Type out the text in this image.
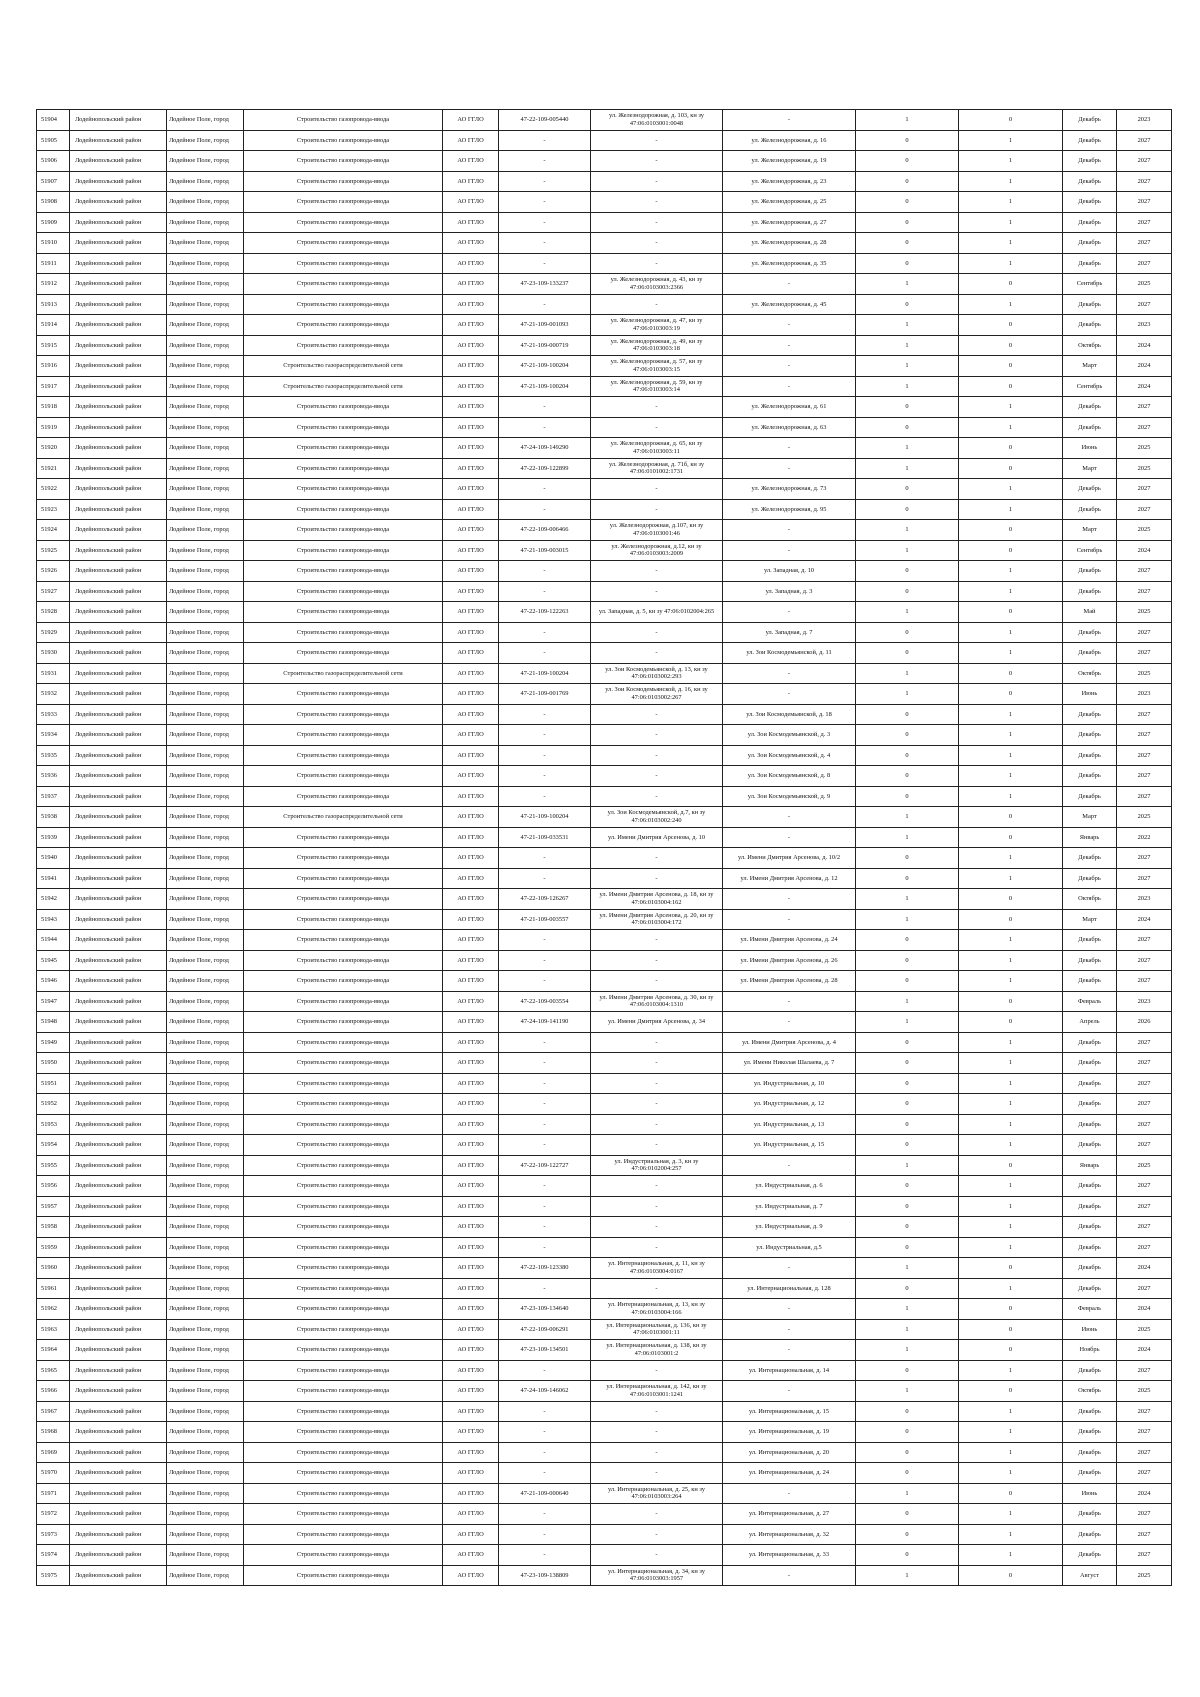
51904	Лодейнопольский район	Лодейное Поле, город	Строительство газопровода-ввода	АО ГГЛО	47-22-109-005440	ул. Железнодорожная, д. 103, кн зу 47:06:0103001:0048	-	1	0	Декабрь	2023
51905	Лодейнопольский район	Лодейное Поле, город	Строительство газопровода-ввода	АО ГГЛО	-	-	ул. Железнодорожная, д. 16	0	1	Декабрь	2027
51906	Лодейнопольский район	Лодейное Поле, город	Строительство газопровода-ввода	АО ГГЛО	-	-	ул. Железнодорожная, д. 19	0	1	Декабрь	2027
51907	Лодейнопольский район	Лодейное Поле, город	Строительство газопровода-ввода	АО ГГЛО	-	-	ул. Железнодорожная, д. 23	0	1	Декабрь	2027
51908	Лодейнопольский район	Лодейное Поле, город	Строительство газопровода-ввода	АО ГГЛО	-	-	ул. Железнодорожная, д. 25	0	1	Декабрь	2027
51909	Лодейнопольский район	Лодейное Поле, город	Строительство газопровода-ввода	АО ГГЛО	-	-	ул. Железнодорожная, д. 27	0	1	Декабрь	2027
51910	Лодейнопольский район	Лодейное Поле, город	Строительство газопровода-ввода	АО ГГЛО	-	-	ул. Железнодорожная, д. 28	0	1	Декабрь	2027
51911	Лодейнопольский район	Лодейное Поле, город	Строительство газопровода-ввода	АО ГГЛО	-	-	ул. Железнодорожная, д. 35	0	1	Декабрь	2027
51912	Лодейнопольский район	Лодейное Поле, город	Строительство газопровода-ввода	АО ГГЛО	47-23-109-133237	ул. Железнодорожная, д. 43, кн зу 47:06:0103003:2366	-	1	0	Сентябрь	2025
51913	Лодейнопольский район	Лодейное Поле, город	Строительство газопровода-ввода	АО ГГЛО	-	-	ул. Железнодорожная, д. 45	0	1	Декабрь	2027
51914	Лодейнопольский район	Лодейное Поле, город	Строительство газопровода-ввода	АО ГГЛО	47-21-109-001093	ул. Железнодорожная, д. 47, кн зу 47:06:0103003:19	-	1	0	Декабрь	2023
51915	Лодейнопольский район	Лодейное Поле, город	Строительство газопровода-ввода	АО ГГЛО	47-21-109-000719	ул. Железнодорожная, д. 49, кн зу 47:06:0103003:18	-	1	0	Октябрь	2024
51916	Лодейнопольский район	Лодейное Поле, город	Строительство газораспределительной сети	АО ГГЛО	47-21-109-100204	ул. Железнодорожная, д. 57, кн зу 47:06:0103003:15	-	1	0	Март	2024
51917	Лодейнопольский район	Лодейное Поле, город	Строительство газораспределительной сети	АО ГГЛО	47-21-109-100204	ул. Железнодорожная, д. 59, кн зу 47:06:0103003:14	-	1	0	Сентябрь	2024
51918	Лодейнопольский район	Лодейное Поле, город	Строительство газопровода-ввода	АО ГГЛО	-	-	ул. Железнодорожная, д. 61	0	1	Декабрь	2027
51919	Лодейнопольский район	Лодейное Поле, город	Строительство газопровода-ввода	АО ГГЛО	-	-	ул. Железнодорожная, д. 63	0	1	Декабрь	2027
51920	Лодейнопольский район	Лодейное Поле, город	Строительство газопровода-ввода	АО ГГЛО	47-24-109-149290	ул. Железнодорожная, д. 65, кн зу 47:06:0103003:11	-	1	0	Июнь	2025
51921	Лодейнопольский район	Лодейное Поле, город	Строительство газопровода-ввода	АО ГГЛО	47-22-109-122899	ул. Железнодорожная, д. 71б, кн зу 47:06:0101002:1731	-	1	0	Март	2025
51922	Лодейнопольский район	Лодейное Поле, город	Строительство газопровода-ввода	АО ГГЛО	-	-	ул. Железнодорожная, д. 73	0	1	Декабрь	2027
51923	Лодейнопольский район	Лодейное Поле, город	Строительство газопровода-ввода	АО ГГЛО	-	-	ул. Железнодорожная, д. 95	0	1	Декабрь	2027
51924	Лодейнопольский район	Лодейное Поле, город	Строительство газопровода-ввода	АО ГГЛО	47-22-109-006466	ул. Железнодорожная, д.107, кн зу 47:06:0103001:46	-	1	0	Март	2025
51925	Лодейнопольский район	Лодейное Поле, город	Строительство газопровода-ввода	АО ГГЛО	47-21-109-003015	ул. Железнодорожная, д.12, кн зу 47:06:0103003:2009	-	1	0	Сентябрь	2024
51926	Лодейнопольский район	Лодейное Поле, город	Строительство газопровода-ввода	АО ГГЛО	-	-	ул. Западная, д. 10	0	1	Декабрь	2027
51927	Лодейнопольский район	Лодейное Поле, город	Строительство газопровода-ввода	АО ГГЛО	-	-	ул. Западная, д. 3	0	1	Декабрь	2027
51928	Лодейнопольский район	Лодейное Поле, город	Строительство газопровода-ввода	АО ГГЛО	47-22-109-122263	ул. Западная, д. 5, кн зу 47:06:0102004:265	-	1	0	Май	2025
51929	Лодейнопольский район	Лодейное Поле, город	Строительство газопровода-ввода	АО ГГЛО	-	-	ул. Западная, д. 7	0	1	Декабрь	2027
51930	Лодейнопольский район	Лодейное Поле, город	Строительство газопровода-ввода	АО ГГЛО	-	-	ул. Зои Космодемьянской, д. 11	0	1	Декабрь	2027
51931	Лодейнопольский район	Лодейное Поле, город	Строительство газораспределительной сети	АО ГГЛО	47-21-109-100204	ул. Зои Космодемьянской, д. 13, кн зу 47:06:0103002:293	-	1	0	Октябрь	2025
51932	Лодейнопольский район	Лодейное Поле, город	Строительство газопровода-ввода	АО ГГЛО	47-21-109-001769	ул. Зои Космодемьянской, д. 16, кн зу 47:06:0103002:267	-	1	0	Июнь	2023
51933	Лодейнопольский район	Лодейное Поле, город	Строительство газопровода-ввода	АО ГГЛО	-	-	ул. Зои Космодемьянской, д. 18	0	1	Декабрь	2027
51934	Лодейнопольский район	Лодейное Поле, город	Строительство газопровода-ввода	АО ГГЛО	-	-	ул. Зои Космодемьянской, д. 3	0	1	Декабрь	2027
51935	Лодейнопольский район	Лодейное Поле, город	Строительство газопровода-ввода	АО ГГЛО	-	-	ул. Зои Космодемьянской, д. 4	0	1	Декабрь	2027
51936	Лодейнопольский район	Лодейное Поле, город	Строительство газопровода-ввода	АО ГГЛО	-	-	ул. Зои Космодемьянской, д. 8	0	1	Декабрь	2027
51937	Лодейнопольский район	Лодейное Поле, город	Строительство газопровода-ввода	АО ГГЛО	-	-	ул. Зои Космодемьянской, д. 9	0	1	Декабрь	2027
51938	Лодейнопольский район	Лодейное Поле, город	Строительство газораспределительной сети	АО ГГЛО	47-21-109-100204	ул. Зои Космодемьянской, д.7, кн зу 47:06:0103002:240	-	1	0	Март	2025
51939	Лодейнопольский район	Лодейное Поле, город	Строительство газопровода-ввода	АО ГГЛО	47-21-109-033531	ул. Имени Дмитрия Арсенова, д. 10	-	1	0	Январь	2022
51940	Лодейнопольский район	Лодейное Поле, город	Строительство газопровода-ввода	АО ГГЛО	-	-	ул. Имени Дмитрия Арсенова, д. 10/2	0	1	Декабрь	2027
51941	Лодейнопольский район	Лодейное Поле, город	Строительство газопровода-ввода	АО ГГЛО	-	-	ул. Имени Дмитрия Арсенова, д. 12	0	1	Декабрь	2027
51942	Лодейнопольский район	Лодейное Поле, город	Строительство газопровода-ввода	АО ГГЛО	47-22-109-126267	ул. Имени Дмитрия Арсенова, д. 18, кн зу 47:06:0103004:162	-	1	0	Октябрь	2023
51943	Лодейнопольский район	Лодейное Поле, город	Строительство газопровода-ввода	АО ГГЛО	47-21-109-003557	ул. Имени Дмитрия Арсенова, д. 20, кн зу 47:06:0103004:172	-	1	0	Март	2024
51944	Лодейнопольский район	Лодейное Поле, город	Строительство газопровода-ввода	АО ГГЛО	-	-	ул. Имени Дмитрия Арсенова, д. 24	0	1	Декабрь	2027
51945	Лодейнопольский район	Лодейное Поле, город	Строительство газопровода-ввода	АО ГГЛО	-	-	ул. Имени Дмитрия Арсенова, д. 26	0	1	Декабрь	2027
51946	Лодейнопольский район	Лодейное Поле, город	Строительство газопровода-ввода	АО ГГЛО	-	-	ул. Имени Дмитрия Арсенова, д. 28	0	1	Декабрь	2027
51947	Лодейнопольский район	Лодейное Поле, город	Строительство газопровода-ввода	АО ГГЛО	47-22-109-003554	ул. Имени Дмитрия Арсенова, д. 30, кн зу 47:06:0103004:1310	-	1	0	Февраль	2023
51948	Лодейнопольский район	Лодейное Поле, город	Строительство газопровода-ввода	АО ГГЛО	47-24-109-141190	ул. Имени Дмитрия Арсенова, д. 34	-	1	0	Апрель	2026
51949	Лодейнопольский район	Лодейное Поле, город	Строительство газопровода-ввода	АО ГГЛО	-	-	ул. Имени Дмитрия Арсенова, д. 4	0	1	Декабрь	2027
51950	Лодейнопольский район	Лодейное Поле, город	Строительство газопровода-ввода	АО ГГЛО	-	-	ул. Имени Николая Шалаева, д. 7	0	1	Декабрь	2027
51951	Лодейнопольский район	Лодейное Поле, город	Строительство газопровода-ввода	АО ГГЛО	-	-	ул. Индустриальная, д. 10	0	1	Декабрь	2027
51952	Лодейнопольский район	Лодейное Поле, город	Строительство газопровода-ввода	АО ГГЛО	-	-	ул. Индустриальная, д. 12	0	1	Декабрь	2027
51953	Лодейнопольский район	Лодейное Поле, город	Строительство газопровода-ввода	АО ГГЛО	-	-	ул. Индустриальная, д. 13	0	1	Декабрь	2027
51954	Лодейнопольский район	Лодейное Поле, город	Строительство газопровода-ввода	АО ГГЛО	-	-	ул. Индустриальная, д. 15	0	1	Декабрь	2027
51955	Лодейнопольский район	Лодейное Поле, город	Строительство газопровода-ввода	АО ГГЛО	47-22-109-122727	ул. Индустриальная, д. 3, кн зу 47:06:0102004:257	-	1	0	Январь	2025
51956	Лодейнопольский район	Лодейное Поле, город	Строительство газопровода-ввода	АО ГГЛО	-	-	ул. Индустриальная, д. 6	0	1	Декабрь	2027
51957	Лодейнопольский район	Лодейное Поле, город	Строительство газопровода-ввода	АО ГГЛО	-	-	ул. Индустриальная, д. 7	0	1	Декабрь	2027
51958	Лодейнопольский район	Лодейное Поле, город	Строительство газопровода-ввода	АО ГГЛО	-	-	ул. Индустриальная, д. 9	0	1	Декабрь	2027
51959	Лодейнопольский район	Лодейное Поле, город	Строительство газопровода-ввода	АО ГГЛО	-	-	ул. Индустриальная, д.5	0	1	Декабрь	2027
51960	Лодейнопольский район	Лодейное Поле, город	Строительство газопровода-ввода	АО ГГЛО	47-22-109-123380	ул. Интернациональная, д. 11, кн зу 47:06:0103004:0167	-	1	0	Декабрь	2024
51961	Лодейнопольский район	Лодейное Поле, город	Строительство газопровода-ввода	АО ГГЛО	-	-	ул. Интернациональная, д. 128	0	1	Декабрь	2027
51962	Лодейнопольский район	Лодейное Поле, город	Строительство газопровода-ввода	АО ГГЛО	47-23-109-134640	ул. Интернациональная, д. 13, кн зу 47:06:0103004:166	-	1	0	Февраль	2024
51963	Лодейнопольский район	Лодейное Поле, город	Строительство газопровода-ввода	АО ГГЛО	47-22-109-006291	ул. Интернациональная, д. 136, кн зу 47:06:0103001:11	-	1	0	Июнь	2025
51964	Лодейнопольский район	Лодейное Поле, город	Строительство газопровода-ввода	АО ГГЛО	47-23-109-134501	ул. Интернациональная, д. 138, кн зу 47:06:0103001:2	-	1	0	Ноябрь	2024
51965	Лодейнопольский район	Лодейное Поле, город	Строительство газопровода-ввода	АО ГГЛО	-	-	ул. Интернациональная, д. 14	0	1	Декабрь	2027
51966	Лодейнопольский район	Лодейное Поле, город	Строительство газопровода-ввода	АО ГГЛО	47-24-109-146062	ул. Интернациональная, д. 142, кн зу 47:06:0103001:1241	-	1	0	Октябрь	2025
51967	Лодейнопольский район	Лодейное Поле, город	Строительство газопровода-ввода	АО ГГЛО	-	-	ул. Интернациональная, д. 15	0	1	Декабрь	2027
51968	Лодейнопольский район	Лодейное Поле, город	Строительство газопровода-ввода	АО ГГЛО	-	-	ул. Интернациональная, д. 19	0	1	Декабрь	2027
51969	Лодейнопольский район	Лодейное Поле, город	Строительство газопровода-ввода	АО ГГЛО	-	-	ул. Интернациональная, д. 20	0	1	Декабрь	2027
51970	Лодейнопольский район	Лодейное Поле, город	Строительство газопровода-ввода	АО ГГЛО	-	-	ул. Интернациональная, д. 24	0	1	Декабрь	2027
51971	Лодейнопольский район	Лодейное Поле, город	Строительство газопровода-ввода	АО ГГЛО	47-21-109-000640	ул. Интернациональная, д. 25, кн зу 47:06:0103003:264	-	1	0	Июнь	2024
51972	Лодейнопольский район	Лодейное Поле, город	Строительство газопровода-ввода	АО ГГЛО	-	-	ул. Интернациональная, д. 27	0	1	Декабрь	2027
51973	Лодейнопольский район	Лодейное Поле, город	Строительство газопровода-ввода	АО ГГЛО	-	-	ул. Интернациональная, д. 32	0	1	Декабрь	2027
51974	Лодейнопольский район	Лодейное Поле, город	Строительство газопровода-ввода	АО ГГЛО	-	-	ул. Интернациональная, д. 33	0	1	Декабрь	2027
51975	Лодейнопольский район	Лодейное Поле, город	Строительство газопровода-ввода	АО ГГЛО	47-23-109-138809	ул. Интернациональная, д. 34, кн зу 47:06:0103003:1957	-	1	0	Август	2025
